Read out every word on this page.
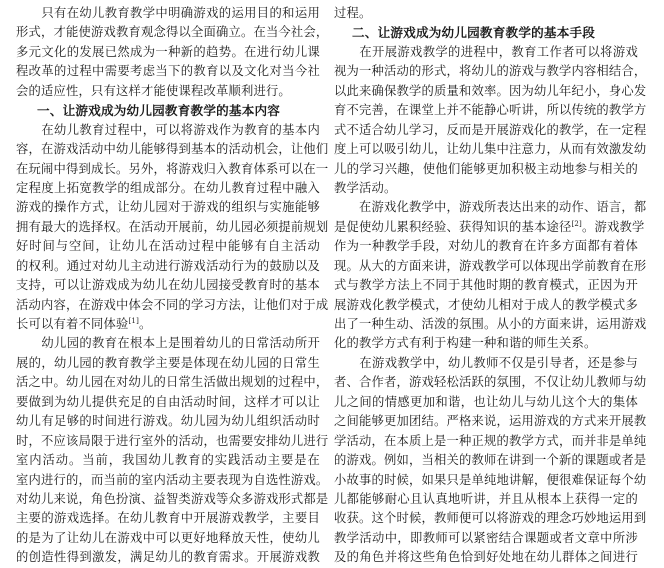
　　只有在幼儿教育教学中明确游戏的运用目的和运用
形式，才能使游戏教育观念得以全面确立。在当今社会，
多元文化的发展已然成为一种新的趋势。在进行幼儿课
程改革的过程中需要考虑当下的教育以及文化对当今社
会的适应性，只有这样才能使课程改革顺利进行。
一、让游戏成为幼儿园教育教学的基本内容
　　在幼儿教育过程中，可以将游戏作为教育的基本内
容，在游戏活动中幼儿能够得到基本的活动机会，让他们
在玩闹中得到成长。另外，将游戏归入教育体系可以在一
定程度上拓宽教学的组成部分。在幼儿教育过程中融入
游戏的操作方式，让幼儿园对于游戏的组织与实施能够
拥有最大的选择权。在活动开展前，幼儿园必须提前规划
好时间与空间，让幼儿在活动过程中能够有自主活动
的权利。通过对幼儿主动进行游戏活动行为的鼓励以及
支持，可以让游戏成为幼儿在幼儿园接受教育时的基本
活动内容，在游戏中体会不同的学习方法，让他们对于成
长可以有着不同体验[1]。
　　幼儿园的教育在根本上是围着幼儿的日常活动所开
展的，幼儿园的教育教学主要是体现在幼儿园的日常生
活之中。幼儿园在对幼儿的日常生活做出规划的过程中，
要做到为幼儿提供充足的自由活动时间，这样才可以让
幼儿有足够的时间进行游戏。幼儿园为幼儿组织活动时
时，不应该局限于进行室外的活动，也需要安排幼儿进行
室内活动。当前，我国幼儿教育的实践活动主要是在
室内进行的，而当前的室内活动主要表现为自选性游戏。
对幼儿来说，角色扮演、益智类游戏等众多游戏形式都是
主要的游戏选择。在幼儿教育中开展游戏教学，主要目
的是为了让幼儿在游戏中可以更好地释放天性，使幼儿
的创造性得到激发，满足幼儿的教育需求。开展游戏教
过程。
二、让游戏成为幼儿园教育教学的基本手段
　　在开展游戏教学的进程中，教育工作者可以将游戏
视为一种活动的形式，将幼儿的游戏与教学内容相结合，
以此来确保教学的质量和效率。因为幼儿年纪小，身心发
育不完善，在课堂上并不能静心听讲，所以传统的教学方
式不适合幼儿学习，反而是开展游戏化的教学，在一定程
度上可以吸引幼儿，让幼儿集中注意力，从而有效激发幼
儿的学习兴趣，使他们能够更加积极主动地参与相关的
教学活动。
　　在游戏化教学中，游戏所表达出来的动作、语言，都
是促使幼儿累积经验、获得知识的基本途径[2]。游戏教学
作为一种教学手段，对幼儿的教育在许多方面都有着体
现。从大的方面来讲，游戏教学可以体现出学前教育在形
式与教学方法上不同于其他时期的教育模式，正因为开
展游戏化教学模式，才使幼儿相对于成人的教学模式多
出了一种生动、活泼的氛围。从小的方面来讲，运用游戏
化的教学方式有利于构建一种和谐的师生关系。
　　在游戏教学中，幼儿教师不仅是引导者，还是参与
者、合作者，游戏轻松活跃的氛围，不仅让幼儿教师与幼
儿之间的情感更加和谐，也让幼儿与幼儿这个大的集体
之间能够更加团结。严格来说，运用游戏的方式来开展教
学活动，在本质上是一种正规的教学方式，而并非是单纯
的游戏。例如，当相关的教师在讲到一个新的课题或者是
小故事的时候，如果只是单纯地讲解，便很难保证每个幼
儿都能够耐心且认真地听讲，并且从根本上获得一定的
收获。这个时候，教师便可以将游戏的理念巧妙地运用到
教学活动中，即教师可以紧密结合课题或者文章中所涉
及的角色并将这些角色恰到好处地在幼儿群体之间进行
